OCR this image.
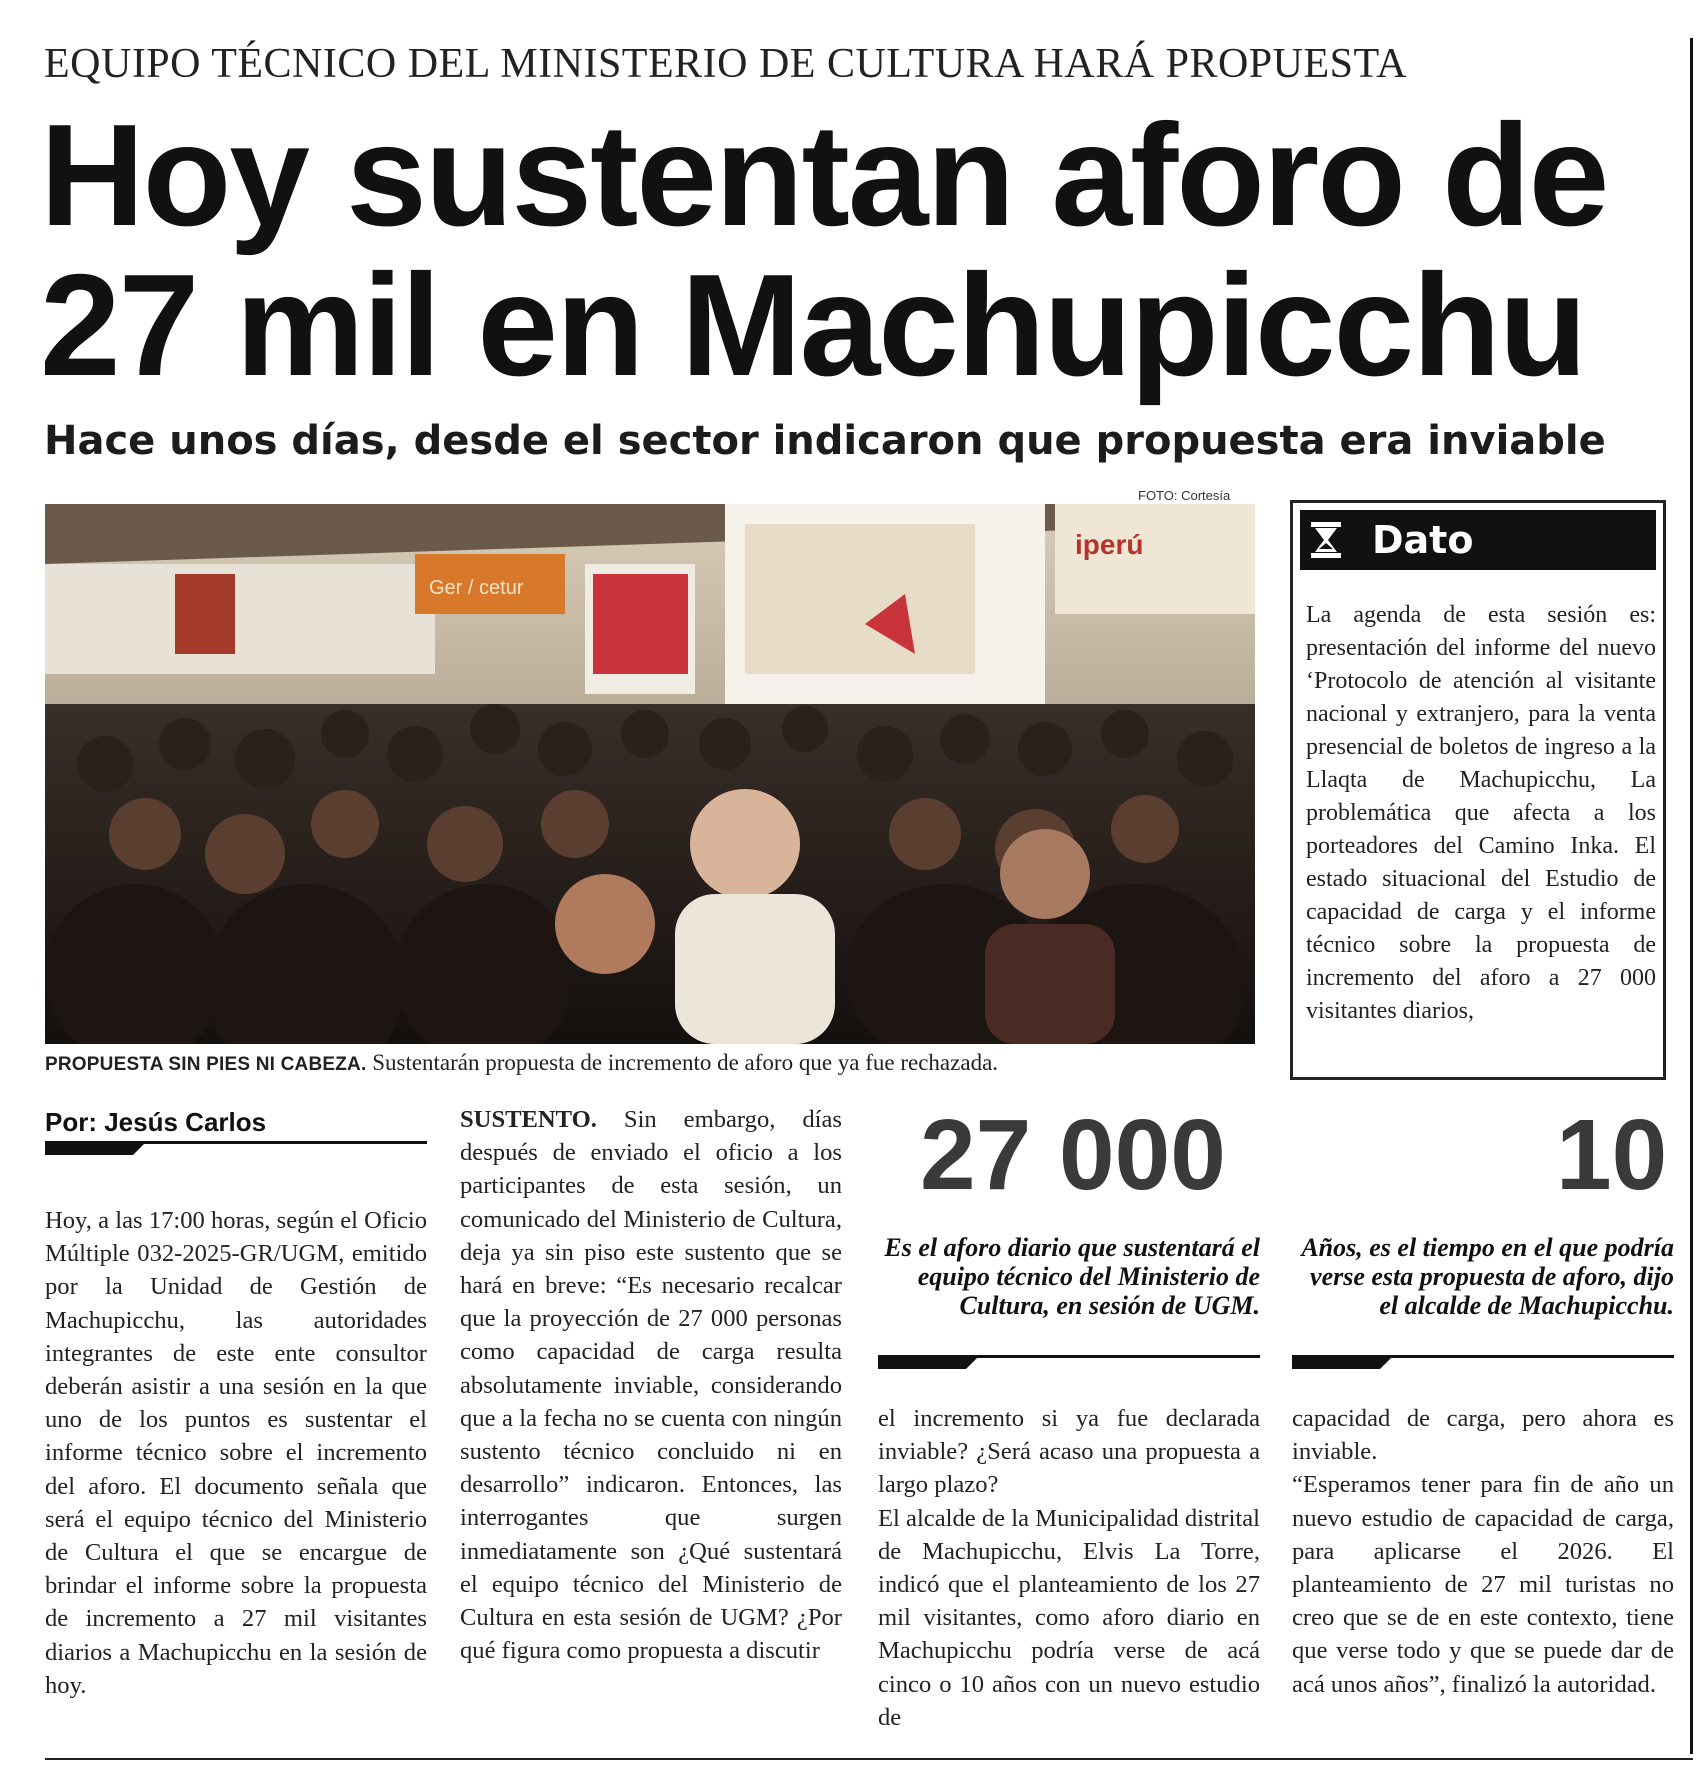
EQUIPO TÉCNICO DEL MINISTERIO DE CULTURA HARÁ PROPUESTA
Hoy sustentan aforo de 27 mil en Machupicchu
Hace unos días, desde el sector indicaron que propuesta era inviable
FOTO: Cortesía
Ger / cetur
iperú
PROPUESTA SIN PIES NI CABEZA. Sustentarán propuesta de incremento de aforo que ya fue rechazada.
Dato
La agenda de esta sesión es: presentación del informe del nuevo ‘Protocolo de atención al visitante nacional y extranjero, para la venta presencial de boletos de ingreso a la Llaqta de Machupicchu, La problemática que afecta a los porteadores del Camino Inka. El estado situacional del Estudio de capacidad de carga y el informe técnico sobre la propuesta de incremento del aforo a 27 000 visitantes diarios,
Por: Jesús Carlos
Hoy, a las 17:00 horas, según el Oficio Múltiple 032-2025-GR/UGM, emitido por la Unidad de Gestión de Machupicchu, las autoridades integrantes de este ente consultor deberán asistir a una sesión en la que uno de los puntos es sustentar el informe técnico sobre el incremento del aforo. El documento señala que será el equipo técnico del Ministerio de Cultura el que se encargue de brindar el informe sobre la propuesta de incremento a 27 mil visitantes diarios a Machupicchu en la sesión de hoy.
SUSTENTO. Sin embargo, días después de enviado el oficio a los participantes de esta sesión, un comunicado del Ministerio de Cultura, deja ya sin piso este sustento que se hará en breve: “Es necesario recalcar que la proyección de 27 000 personas como capacidad de carga resulta absolutamente inviable, considerando que a la fecha no se cuenta con ningún sustento técnico concluido ni en desarrollo” indicaron. Entonces, las interrogantes que surgen inmediatamente son ¿Qué sustentará el equipo técnico del Ministerio de Cultura en esta sesión de UGM? ¿Por qué figura como propuesta a discutir
27 000	10
Es el aforo diario que sustentará el equipo técnico del Ministerio de Cultura, en sesión de UGM.
Años, es el tiempo en el que podría verse esta propuesta de aforo, dijo el alcalde de Machupicchu.
el incremento si ya fue declarada inviable? ¿Será acaso una propuesta a largo plazo?
El alcalde de la Municipalidad distrital de Machupicchu, Elvis La Torre, indicó que el planteamiento de los 27 mil visitantes, como aforo diario en Machupicchu podría verse de acá cinco o 10 años con un nuevo estudio de
capacidad de carga, pero ahora es inviable.
“Esperamos tener para fin de año un nuevo estudio de capacidad de carga, para aplicarse el 2026. El planteamiento de 27 mil turistas no creo que se de en este contexto, tiene que verse todo y que se puede dar de acá unos años”, finalizó la autoridad.
